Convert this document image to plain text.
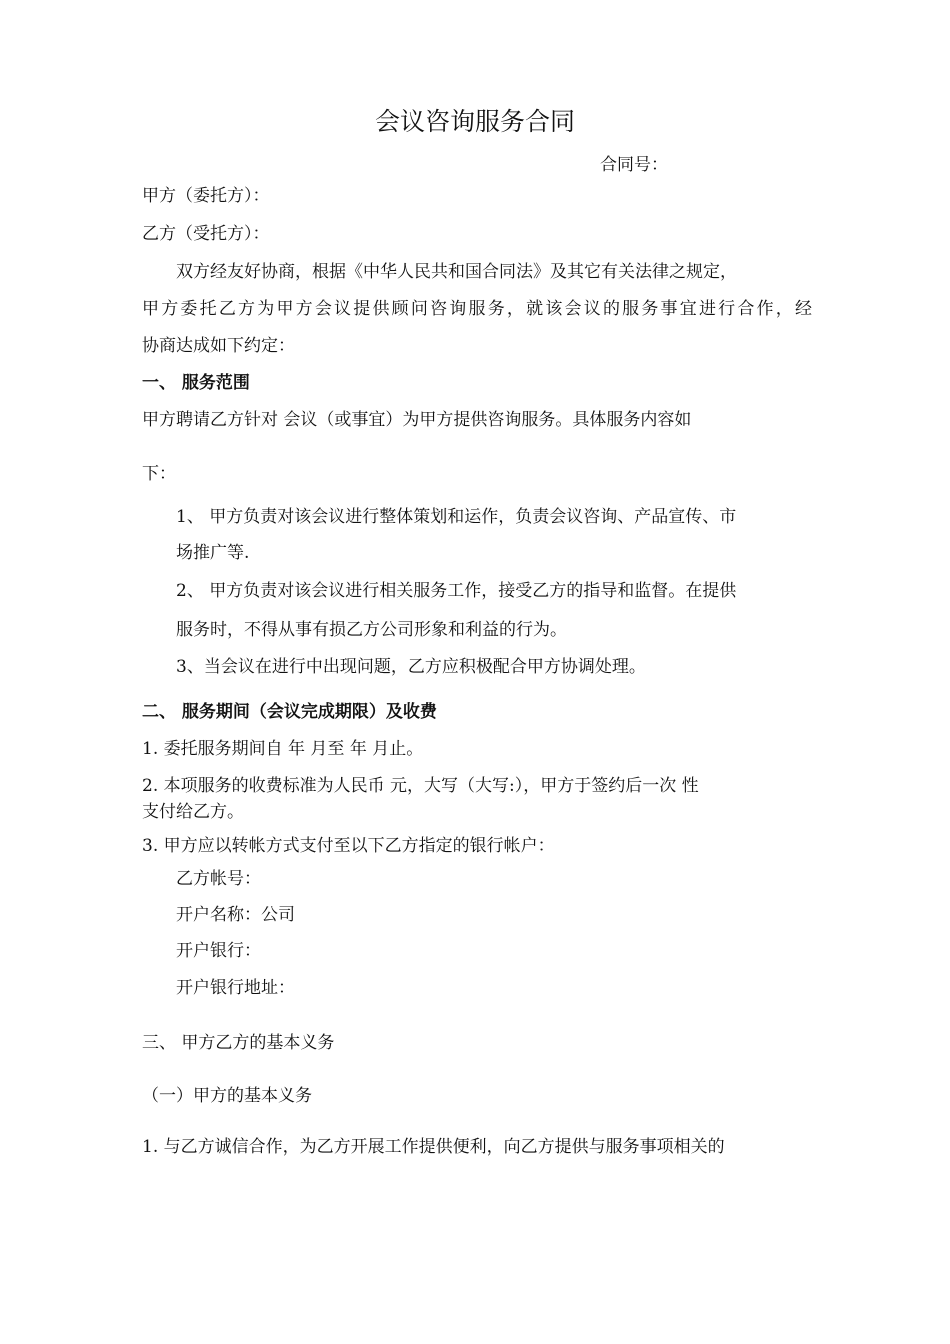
会议咨询服务合同
合同号：
甲方（委托方）：
乙方（受托方）：
双方经友好协商，根据《中华人民共和国合同法》及其它有关法律之规定，
甲方委托乙方为甲方会议提供顾问咨询服务，就该会议的服务事宜进行合作，经
协商达成如下约定：
一、 服务范围
甲方聘请乙方针对 会议（或事宜）为甲方提供咨询服务。具体服务内容如
下：
1、 甲方负责对该会议进行整体策划和运作，负责会议咨询、产品宣传、市
场推广等.
2、 甲方负责对该会议进行相关服务工作，接受乙方的指导和监督。在提供
服务时，不得从事有损乙方公司形象和利益的行为。
3、当会议在进行中出现问题，乙方应积极配合甲方协调处理。
二、 服务期间（会议完成期限）及收费
1. 委托服务期间自 年 月至 年 月止。
2. 本项服务的收费标准为人民币 元，大写（大写:），甲方于签约后一次 性
支付给乙方。
3. 甲方应以转帐方式支付至以下乙方指定的银行帐户：
乙方帐号：
开户名称：公司
开户银行：
开户银行地址：
三、 甲方乙方的基本义务
（一）甲方的基本义务
1. 与乙方诚信合作，为乙方开展工作提供便利，向乙方提供与服务事项相关的
